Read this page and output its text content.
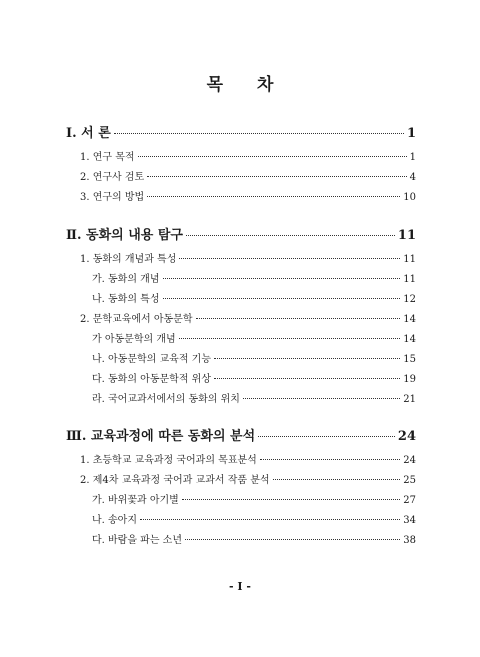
목 차
Ⅰ. 서 론	1
1. 연구 목적	1
2. 연구사 검토	4
3. 연구의 방법	10
Ⅱ. 동화의 내용 탐구	11
1. 동화의 개념과 특성	11
가. 동화의 개념	11
나. 동화의 특성	12
2. 문학교육에서 아동문학	14
가 아동문학의 개념	14
나. 아동문학의 교육적 기능	15
다. 동화의 아동문학적 위상	19
라. 국어교과서에서의 동화의 위치	21
Ⅲ. 교육과정에 따른 동화의 분석	24
1. 초등학교 교육과정 국어과의 목표분석	24
2. 제4차 교육과정 국어과 교과서 작품 분석	25
가. 바위꽃과 아기별	27
나. 송아지	34
다. 바람을 파는 소년	38
- I -
